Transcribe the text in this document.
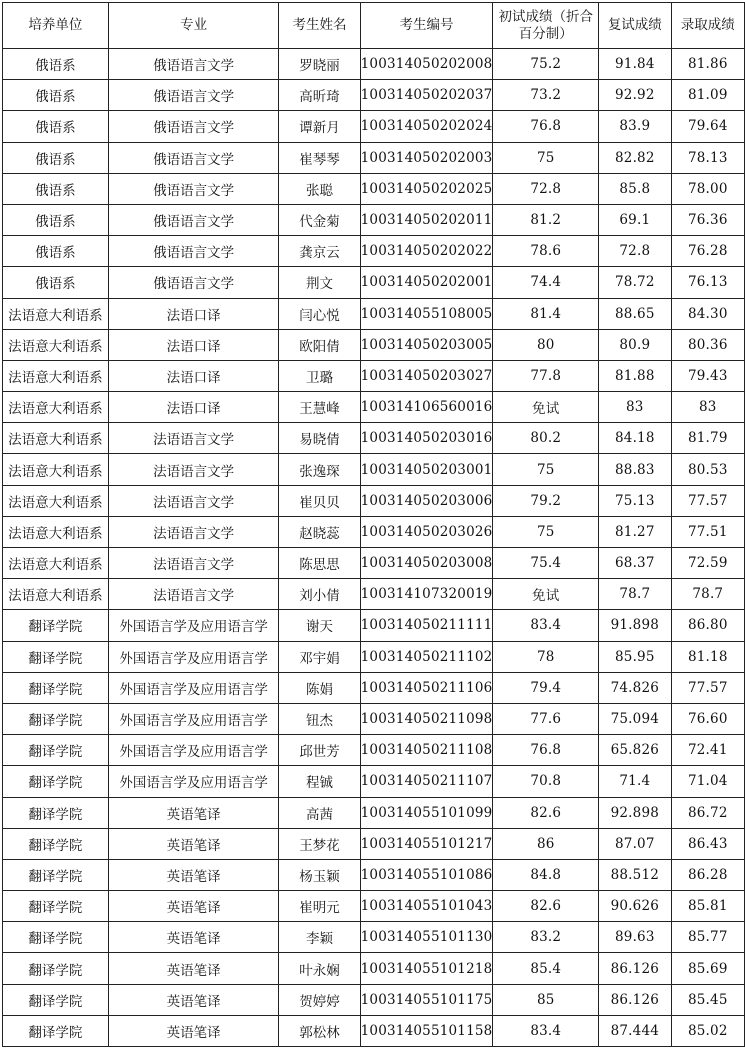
培养单位	专业	考生姓名	考生编号	初试成绩（折合百分制）	复试成绩	录取成绩
俄语系	俄语语言文学	罗晓丽	100314050202008	75.2	91.84	81.86
俄语系	俄语语言文学	高昕琦	100314050202037	73.2	92.92	81.09
俄语系	俄语语言文学	谭新月	100314050202024	76.8	83.9	79.64
俄语系	俄语语言文学	崔琴琴	100314050202003	75	82.82	78.13
俄语系	俄语语言文学	张聪	100314050202025	72.8	85.8	78.00
俄语系	俄语语言文学	代金菊	100314050202011	81.2	69.1	76.36
俄语系	俄语语言文学	龚京云	100314050202022	78.6	72.8	76.28
俄语系	俄语语言文学	荆文	100314050202001	74.4	78.72	76.13
法语意大利语系	法语口译	闫心悦	100314055108005	81.4	88.65	84.30
法语意大利语系	法语口译	欧阳倩	100314050203005	80	80.9	80.36
法语意大利语系	法语口译	卫璐	100314050203027	77.8	81.88	79.43
法语意大利语系	法语口译	王慧峰	100314106560016	免试	83	83
法语意大利语系	法语语言文学	易晓倩	100314050203016	80.2	84.18	81.79
法语意大利语系	法语语言文学	张逸琛	100314050203001	75	88.83	80.53
法语意大利语系	法语语言文学	崔贝贝	100314050203006	79.2	75.13	77.57
法语意大利语系	法语语言文学	赵晓蕊	100314050203026	75	81.27	77.51
法语意大利语系	法语语言文学	陈思思	100314050203008	75.4	68.37	72.59
法语意大利语系	法语语言文学	刘小倩	100314107320019	免试	78.7	78.7
翻译学院	外国语言学及应用语言学	谢天	100314050211111	83.4	91.898	86.80
翻译学院	外国语言学及应用语言学	邓宇娟	100314050211102	78	85.95	81.18
翻译学院	外国语言学及应用语言学	陈娟	100314050211106	79.4	74.826	77.57
翻译学院	外国语言学及应用语言学	钮杰	100314050211098	77.6	75.094	76.60
翻译学院	外国语言学及应用语言学	邱世芳	100314050211108	76.8	65.826	72.41
翻译学院	外国语言学及应用语言学	程铖	100314050211107	70.8	71.4	71.04
翻译学院	英语笔译	高茜	100314055101099	82.6	92.898	86.72
翻译学院	英语笔译	王梦花	100314055101217	86	87.07	86.43
翻译学院	英语笔译	杨玉颖	100314055101086	84.8	88.512	86.28
翻译学院	英语笔译	崔明元	100314055101043	82.6	90.626	85.81
翻译学院	英语笔译	李颖	100314055101130	83.2	89.63	85.77
翻译学院	英语笔译	叶永娴	100314055101218	85.4	86.126	85.69
翻译学院	英语笔译	贺婷婷	100314055101175	85	86.126	85.45
翻译学院	英语笔译	郭松林	100314055101158	83.4	87.444	85.02
